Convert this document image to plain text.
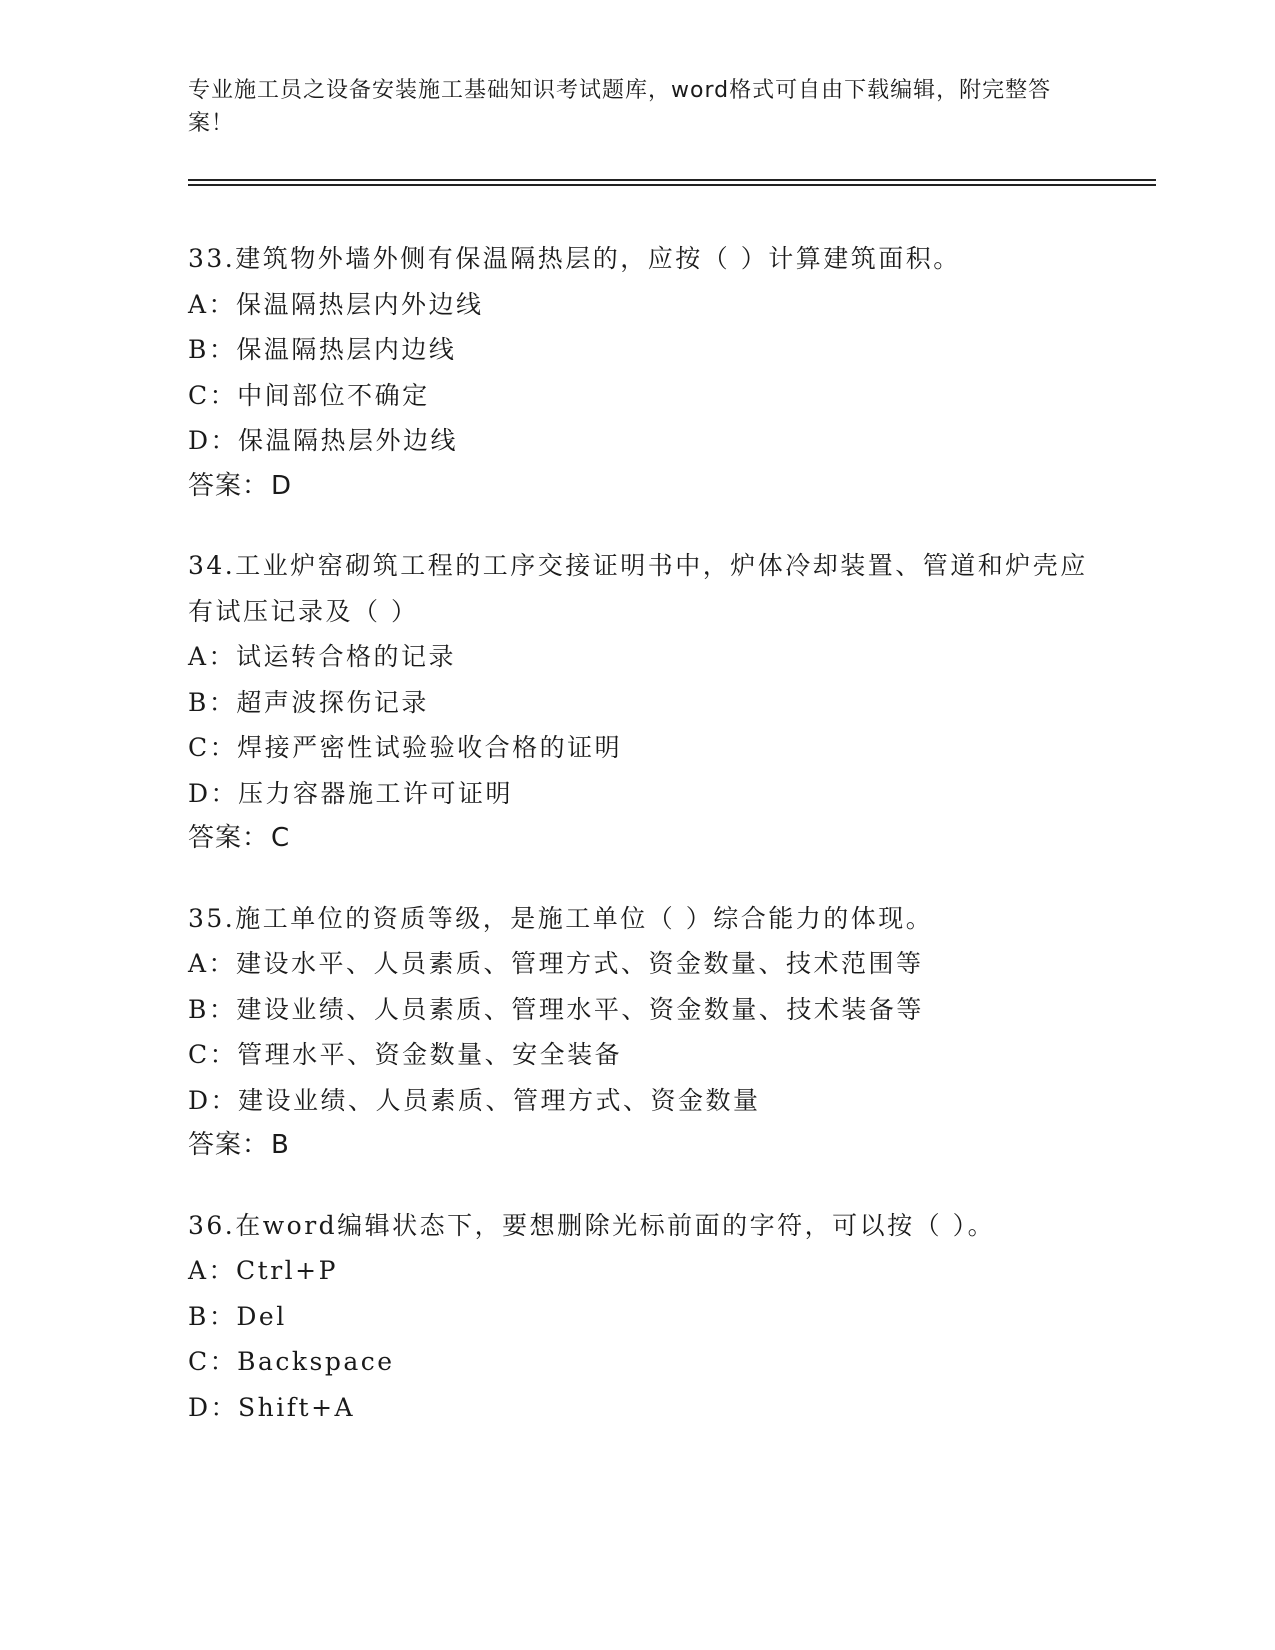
专业施工员之设备安装施工基础知识考试题库，word格式可自由下载编辑，附完整答案！
33.建筑物外墙外侧有保温隔热层的，应按（ ）计算建筑面积。
A：保温隔热层内外边线
B：保温隔热层内边线
C：中间部位不确定
D：保温隔热层外边线
答案：D
34.工业炉窑砌筑工程的工序交接证明书中，炉体冷却装置、管道和炉壳应有试压记录及（ ）
A：试运转合格的记录
B：超声波探伤记录
C：焊接严密性试验验收合格的证明
D：压力容器施工许可证明
答案：C
35.施工单位的资质等级，是施工单位（ ）综合能力的体现。
A：建设水平、人员素质、管理方式、资金数量、技术范围等
B：建设业绩、人员素质、管理水平、资金数量、技术装备等
C：管理水平、资金数量、安全装备
D：建设业绩、人员素质、管理方式、资金数量
答案：B
36.在word编辑状态下，要想删除光标前面的字符，可以按（ ）。
A：Ctrl+P
B：Del
C：Backspace
D：Shift+A
